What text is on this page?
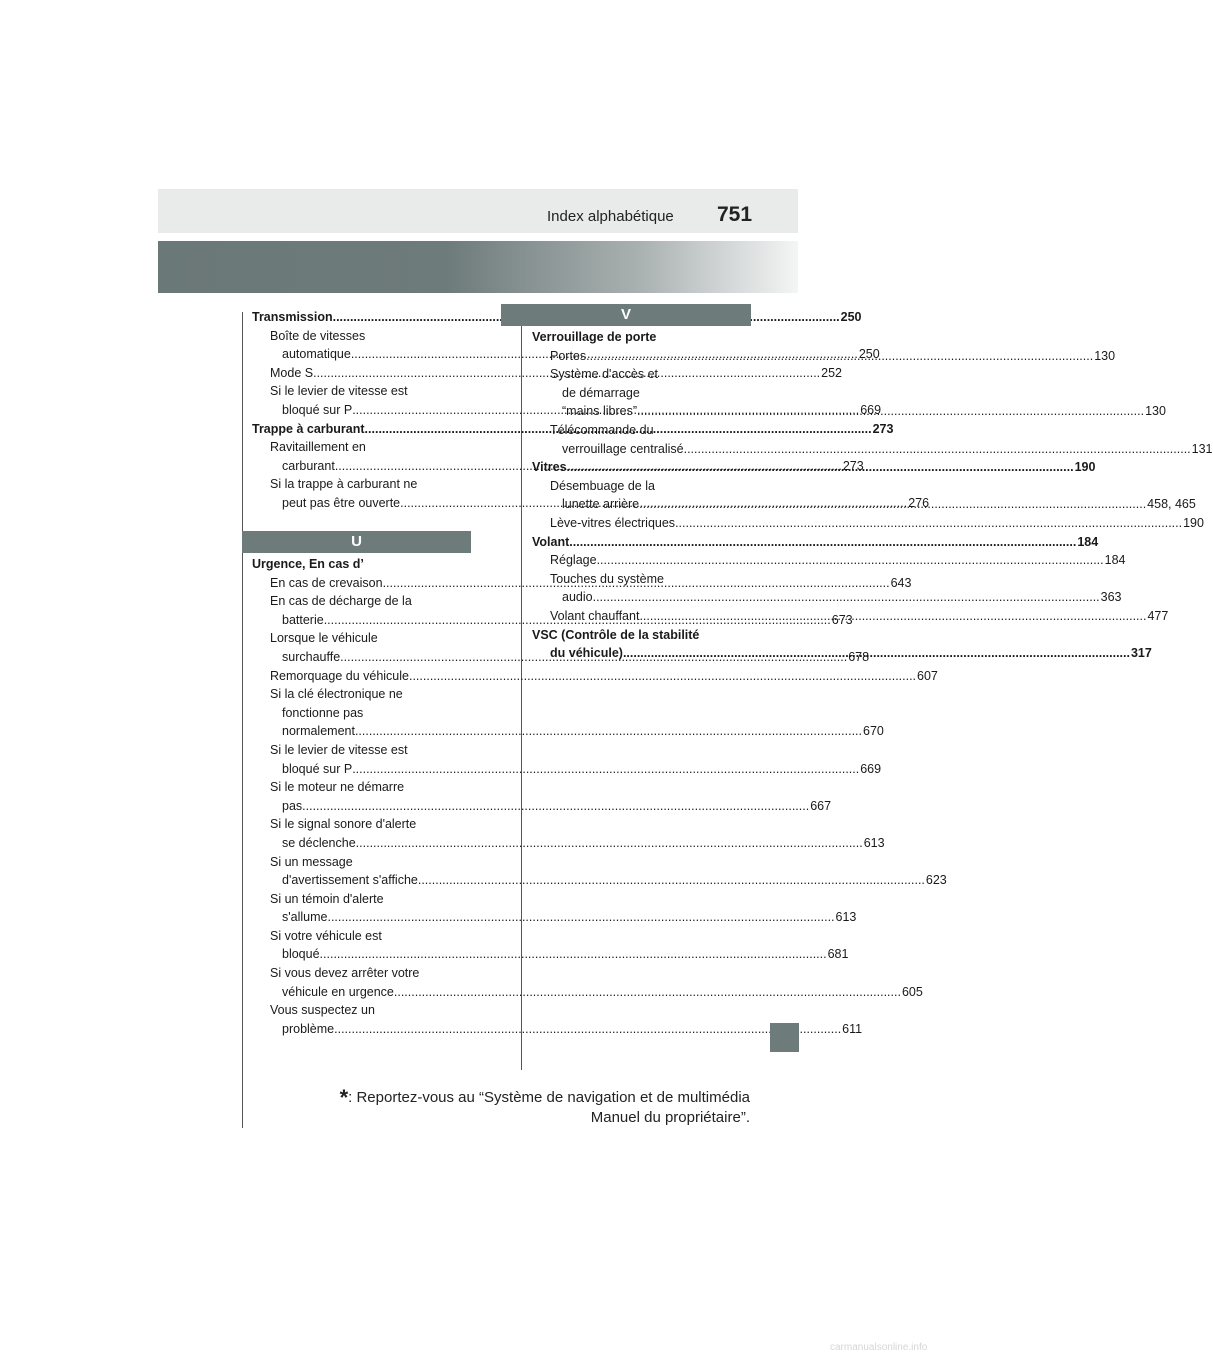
Index alphabétique 751
Transmission .....	250
Boîte de vitesses
automatique .....	250
Mode S .....	252
Si le levier de vitesse est
bloqué sur P .....	669
Trappe à carburant .....	273
Ravitaillement en
carburant .....	273
Si la trappe à carburant ne
peut pas être ouverte .....	276
U
Urgence, En cas d’
En cas de crevaison .....	643
En cas de décharge de la
batterie .....	673
Lorsque le véhicule
surchauffe .....	678
Remorquage du véhicule .....	607
Si la clé électronique ne
fonctionne pas
normalement .....	670
Si le levier de vitesse est
bloqué sur P .....	669
Si le moteur ne démarre
pas .....	667
Si le signal sonore d'alerte
se déclenche .....	613
Si un message
d'avertissement s'affiche .....	623
Si un témoin d'alerte
s'allume .....	613
Si votre véhicule est
bloqué .....	681
Si vous devez arrêter votre
véhicule en urgence .....	605
Vous suspectez un
problème .....	611
V
Verrouillage de porte
Portes .....	130
Système d'accès et
de démarrage
“mains libres” .....	130
Télécommande du
verrouillage centralisé .....	131
Vitres .....	190
Désembuage de la
lunette arrière .....	458, 465
Lève-vitres électriques .....	190
Volant .....	184
Réglage .....	184
Touches du système
audio .....	363
Volant chauffant .....	477
VSC (Contrôle de la stabilité
du véhicule) .....	317
*: Reportez-vous au “Système de navigation et de multimédia
Manuel du propriétaire”.
carmanualsonline.info
